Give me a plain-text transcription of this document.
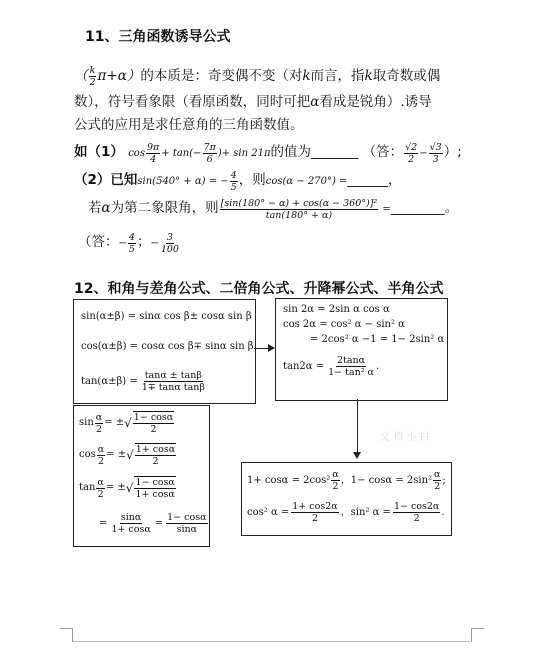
11、三角函数诱导公式
（ $\frac{k}{2} \pi+\alpha$）的本质是：奇变偶不变（对k而言，指k取奇数或偶
数），符号看象限（看原函数，同时可把α看成是锐角）.诱导
公式的应用是求任意角的三角函数值。
如（1） $\cos \frac{9\pi}{4} + \tan(- \frac{7\pi}{6}$ )+ sin 21π的值为_______ （答： $\frac{√2}{2} - \frac{√3}{3}$ ）;
（2）已知sin(540° + α) = − $\frac{4}{5}$ ，则cos(α − 270°) =______，
若α为第二象限角，则 $\frac{\text{[sin(180° − α) + cos(α − 360°)]²}}{\tan(180^\circ + \alpha)}$ =________。
（答：− $\frac{4}{5}$ ；− $\frac{3}{100}$
12、和角与差角公式、二倍角公式、升降幂公式、半角公式
sin(α±β) = sinα cos β± cosα sin β
cos(α±β) = cosα cos β∓ sinα sin β
$\tan(\alpha\pm\beta) = \frac{\tan\alpha \pm \tan\beta}{\text{1∓ tanα tanβ}}$
sin 2α = 2sin α cos α
cos 2α = cos² α − sin² α
= 2cos² α −1 = 1− 2sin² α
$\tan 2\alpha = \frac{2\tan\alpha}{\text{1− tan² α}}$ .
文 档 小 白
$\sin \frac{\alpha}{2}$ = ± √ $\frac{1- \cos\alpha}{2}$
$\cos \frac{\alpha}{2}$ = ± √ $\frac{1+ \cos\alpha}{2}$
$\tan \frac{\alpha}{2}$ = ± √ $\frac{1- \cos\alpha}{1+ \cos\alpha}$
= $\frac{\sin\alpha}{1+ \cos\alpha} = \frac{1- \cos\alpha}{\sin\alpha}$
$1+ \cos\alpha = 2\cos^2 \frac{\alpha}{2}$ ，$1- \cos\alpha = 2\sin^2 \frac{\alpha}{2}$ ;
cos² $\alpha = \frac{1+ \cos 2\alpha}{2}$ ，sin² $\alpha = \frac{1- \cos 2\alpha}{2}$ .
